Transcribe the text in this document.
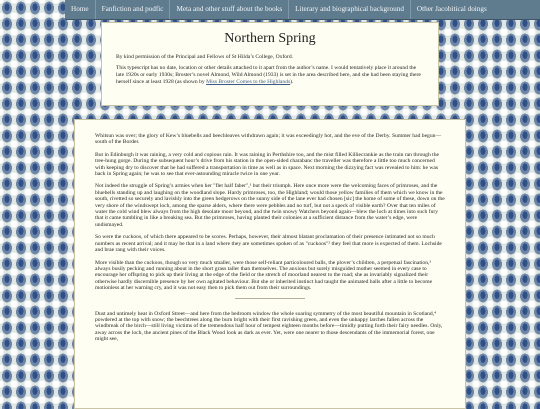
Home	Fanfiction and podfic	Meta and other stuff about the books	Literary and biographical background	Other Jacobitical doings
Northern Spring

By kind permission of the Principal and Fellows of St Hilda’s College, Oxford.

This typescript has no date, location or other details attached to it apart from the author’s name. I would tentatively place it around the late 1920s or early 1930s; Broster’s novel Almond, Wild Almond (1933) is set in the area described here, and she had been staying there herself since at least 1928 (as shown by Miss Broster Comes to the Highlands).

Whitsun was over; the glory of Kew’s bluebells and beechleaves withdrawn again; it was exceedingly hot, and the eve of the Derby. Summer had begun—south of the Border.

But in Edinburgh it was raining, a very cold and copious rain. It was raining in Perthshire too, and the mist filled Killiecrankie as the train ran through the tree-hung gorge. During the subsequent hour’s drive from his station in the open-sided charabanc the traveller was therefore a little too much concerned with keeping dry to discover that he had suffered a transportation in time as well as in space. Next morning the dizzying fact was revealed to him: he was back in Spring again; he was to see that ever-astounding miracle twice in one year.

Not indeed the struggle of Spring’s armies when her "flet half faber",¹ but their triumph. Here once more were the welcoming faces of primroses, and the bluebells standing up and laughing on the woodland slope. Hardy primroses, too, the Highland; would those yellow families of them which we know in the south, rivetted so securely and lavishly into the green hedgerows on the sunny side of the lane ever had chosen [sic] the home of some of these, down on the very shore of the windswept loch, among the sparse alders, where there were pebbles and no turf, but not a speck of visible earth? Over that ten miles of water the cold wind blew always from the high desolate moor beyond, and the twin snowy Watchers beyond again—blew the loch at times into such fury that it came tumbling in like a breaking sea. But the primroses, having planted their colonies at a sufficient distance from the water’s edge, were undismayed.

So were the cuckoos, of which there appeared to be scores. Perhaps, however, their almost blatant proclamation of their presence intimated not so much numbers as recent arrival; and it may be that in a land where they are sometimes spoken of as "cuckoos"² they feel that more is expected of them. Lochside and brae rang with their voices.

More visible than the cuckoos, though so very much smaller, were those self-reliant particoloured balls, the plover’s children, a perpetual fascination,³ always busily pecking and running about in the short grass taller than themselves. The anxious but surely misguided mother seemed in every case to encourage her offspring to pick up their living at the edge of the field or the stretch of moorland nearest to the road; she as invariably signalized their otherwise hardly discernible presence by her own agitated behaviour. But she or inherited instinct had taught the animated balls after a little to become motionless at her warning cry, and it was not easy then to pick them out from their surroundings.

Dust and untimely heat in Oxford Street—and here from the bedroom window the whole soaring symmetry of the most beautiful mountain in Scotland,⁴ powdered at the top with snow; the beechtrees along the burn bright with their first ravishing green, and even the unhappy larches fallen across the windbreak of the birch—still living victims of the tremendous half hour of tempest eighteen months before—timidly putting forth their fairy needles. Only, away across the loch, the ancient pines of the Black Wood look as dark as ever. Yet, were one nearer to those descendants of the immemorial forest, one might see,
